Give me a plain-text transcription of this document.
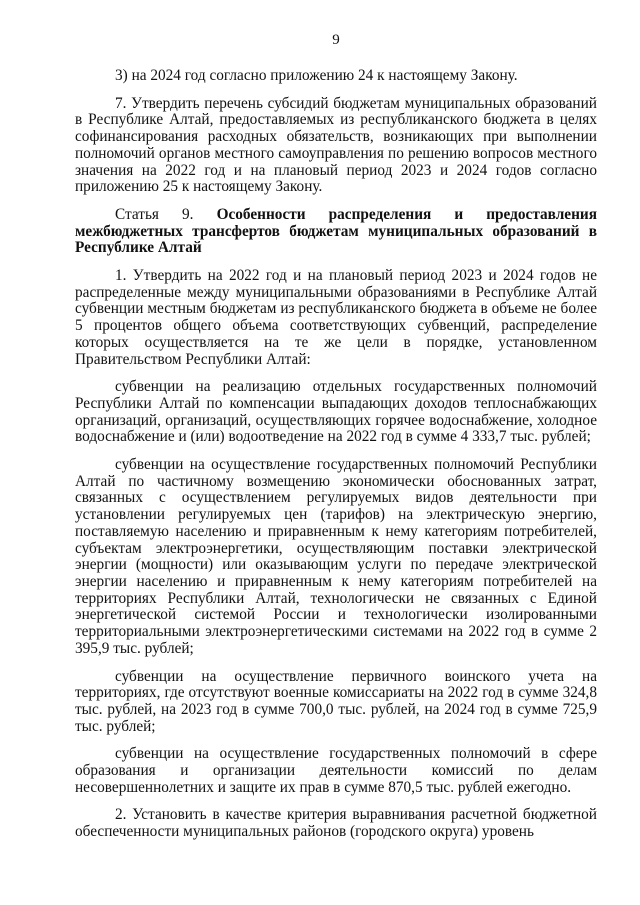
9

3) на 2024 год согласно приложению 24 к настоящему Закону.

7. Утвердить перечень субсидий бюджетам муниципальных образований в Республике Алтай, предоставляемых из республиканского бюджета в целях софинансирования расходных обязательств, возникающих при выполнении полномочий органов местного самоуправления по решению вопросов местного значения на 2022 год и на плановый период 2023 и 2024 годов согласно приложению 25 к настоящему Закону.

Статья 9. Особенности распределения и предоставления межбюджетных трансфертов бюджетам муниципальных образований в Республике Алтай

1. Утвердить на 2022 год и на плановый период 2023 и 2024 годов не распределенные между муниципальными образованиями в Республике Алтай субвенции местным бюджетам из республиканского бюджета в объеме не более 5 процентов общего объема соответствующих субвенций, распределение которых осуществляется на те же цели в порядке, установленном Правительством Республики Алтай:

субвенции на реализацию отдельных государственных полномочий Республики Алтай по компенсации выпадающих доходов теплоснабжающих организаций, организаций, осуществляющих горячее водоснабжение, холодное водоснабжение и (или) водоотведение на 2022 год в сумме 4 333,7 тыс. рублей;

субвенции на осуществление государственных полномочий Республики Алтай по частичному возмещению экономически обоснованных затрат, связанных с осуществлением регулируемых видов деятельности при установлении регулируемых цен (тарифов) на электрическую энергию, поставляемую населению и приравненным к нему категориям потребителей, субъектам электроэнергетики, осуществляющим поставки электрической энергии (мощности) или оказывающим услуги по передаче электрической энергии населению и приравненным к нему категориям потребителей на территориях Республики Алтай, технологически не связанных с Единой энергетической системой России и технологически изолированными территориальными электроэнергетическими системами на 2022 год в сумме 2 395,9 тыс. рублей;

субвенции на осуществление первичного воинского учета на территориях, где отсутствуют военные комиссариаты на 2022 год в сумме 324,8 тыс. рублей, на 2023 год в сумме 700,0 тыс. рублей, на 2024 год в сумме 725,9 тыс. рублей;

субвенции на осуществление государственных полномочий в сфере образования и организации деятельности комиссий по делам несовершеннолетних и защите их прав в сумме 870,5 тыс. рублей ежегодно.

2. Установить в качестве критерия выравнивания расчетной бюджетной обеспеченности муниципальных районов (городского округа) уровень
